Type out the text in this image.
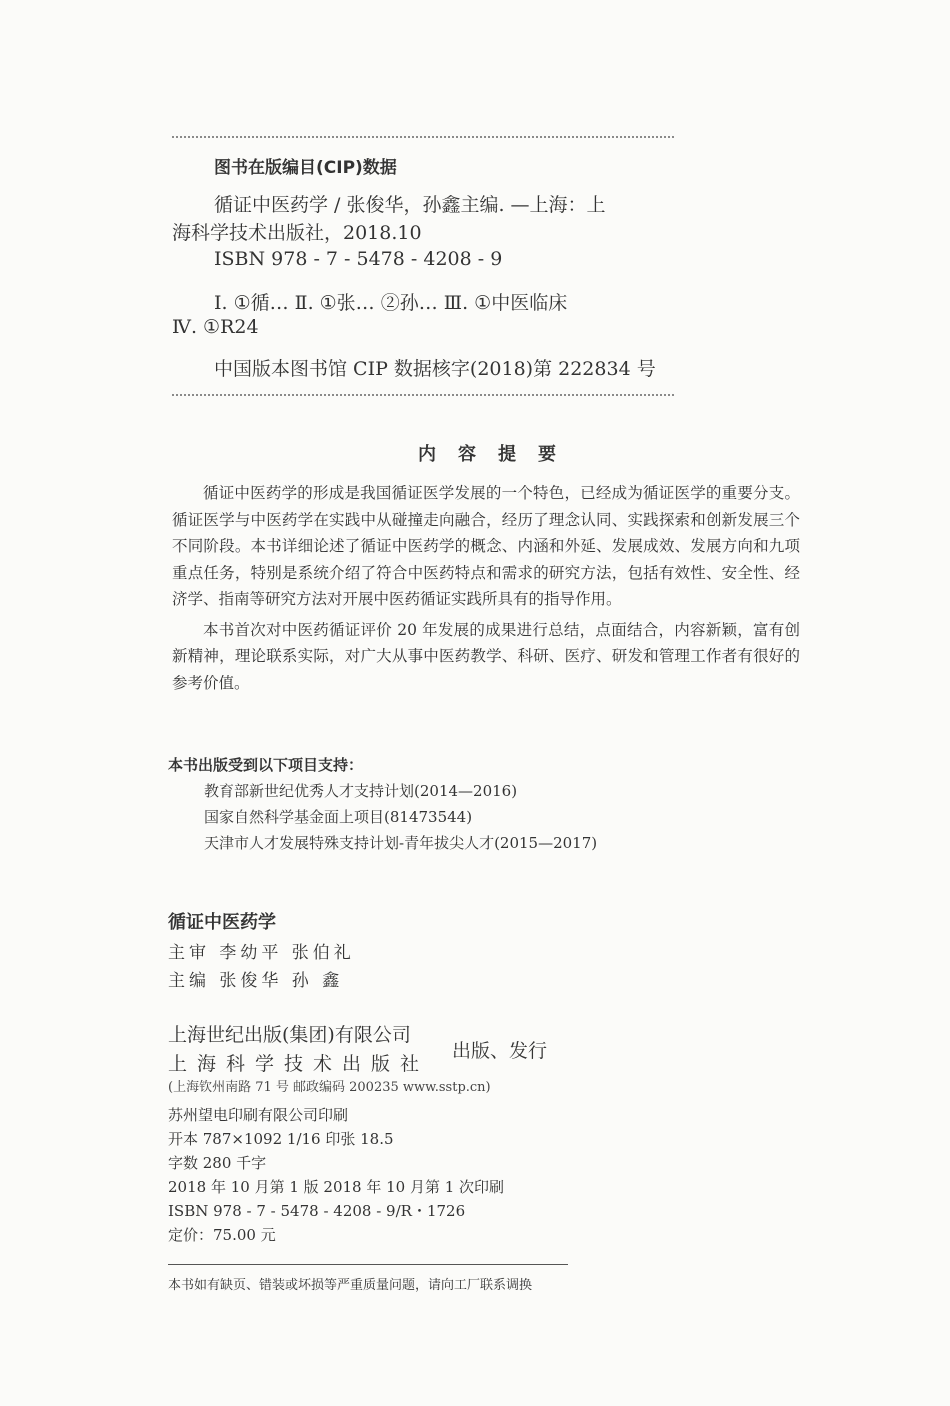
图书在版编目(CIP)数据
循证中医药学 / 张俊华，孙鑫主编. —上海：上
海科学技术出版社，2018.10
ISBN 978 - 7 - 5478 - 4208 - 9
Ⅰ. ①循… Ⅱ. ①张… ②孙… Ⅲ. ①中医临床
Ⅳ. ①R24
中国版本图书馆 CIP 数据核字(2018)第 222834 号
内容提要

循证中医药学的形成是我国循证医学发展的一个特色，已经成为循证医学的重要分支。循证医学与中医药学在实践中从碰撞走向融合，经历了理念认同、实践探索和创新发展三个不同阶段。本书详细论述了循证中医药学的概念、内涵和外延、发展成效、发展方向和九项重点任务，特别是系统介绍了符合中医药特点和需求的研究方法，包括有效性、安全性、经济学、指南等研究方法对开展中医药循证实践所具有的指导作用。

本书首次对中医药循证评价 20 年发展的成果进行总结，点面结合，内容新颖，富有创新精神，理论联系实际，对广大从事中医药教学、科研、医疗、研发和管理工作者有很好的参考价值。

本书出版受到以下项目支持：
教育部新世纪优秀人才支持计划(2014—2016)
国家自然科学基金面上项目(81473544)
天津市人才发展特殊支持计划-青年拔尖人才(2015—2017)
循证中医药学
主审 李幼平 张伯礼
主编 张俊华 孙 鑫
上海世纪出版(集团)有限公司
上海科学技术出版社
出版、发行
(上海钦州南路 71 号 邮政编码 200235 www.sstp.cn)
苏州望电印刷有限公司印刷
开本 787×1092 1/16 印张 18.5
字数 280 千字
2018 年 10 月第 1 版 2018 年 10 月第 1 次印刷
ISBN 978 - 7 - 5478 - 4208 - 9/R・1726
定价：75.00 元
本书如有缺页、错装或坏损等严重质量问题，请向工厂联系调换
